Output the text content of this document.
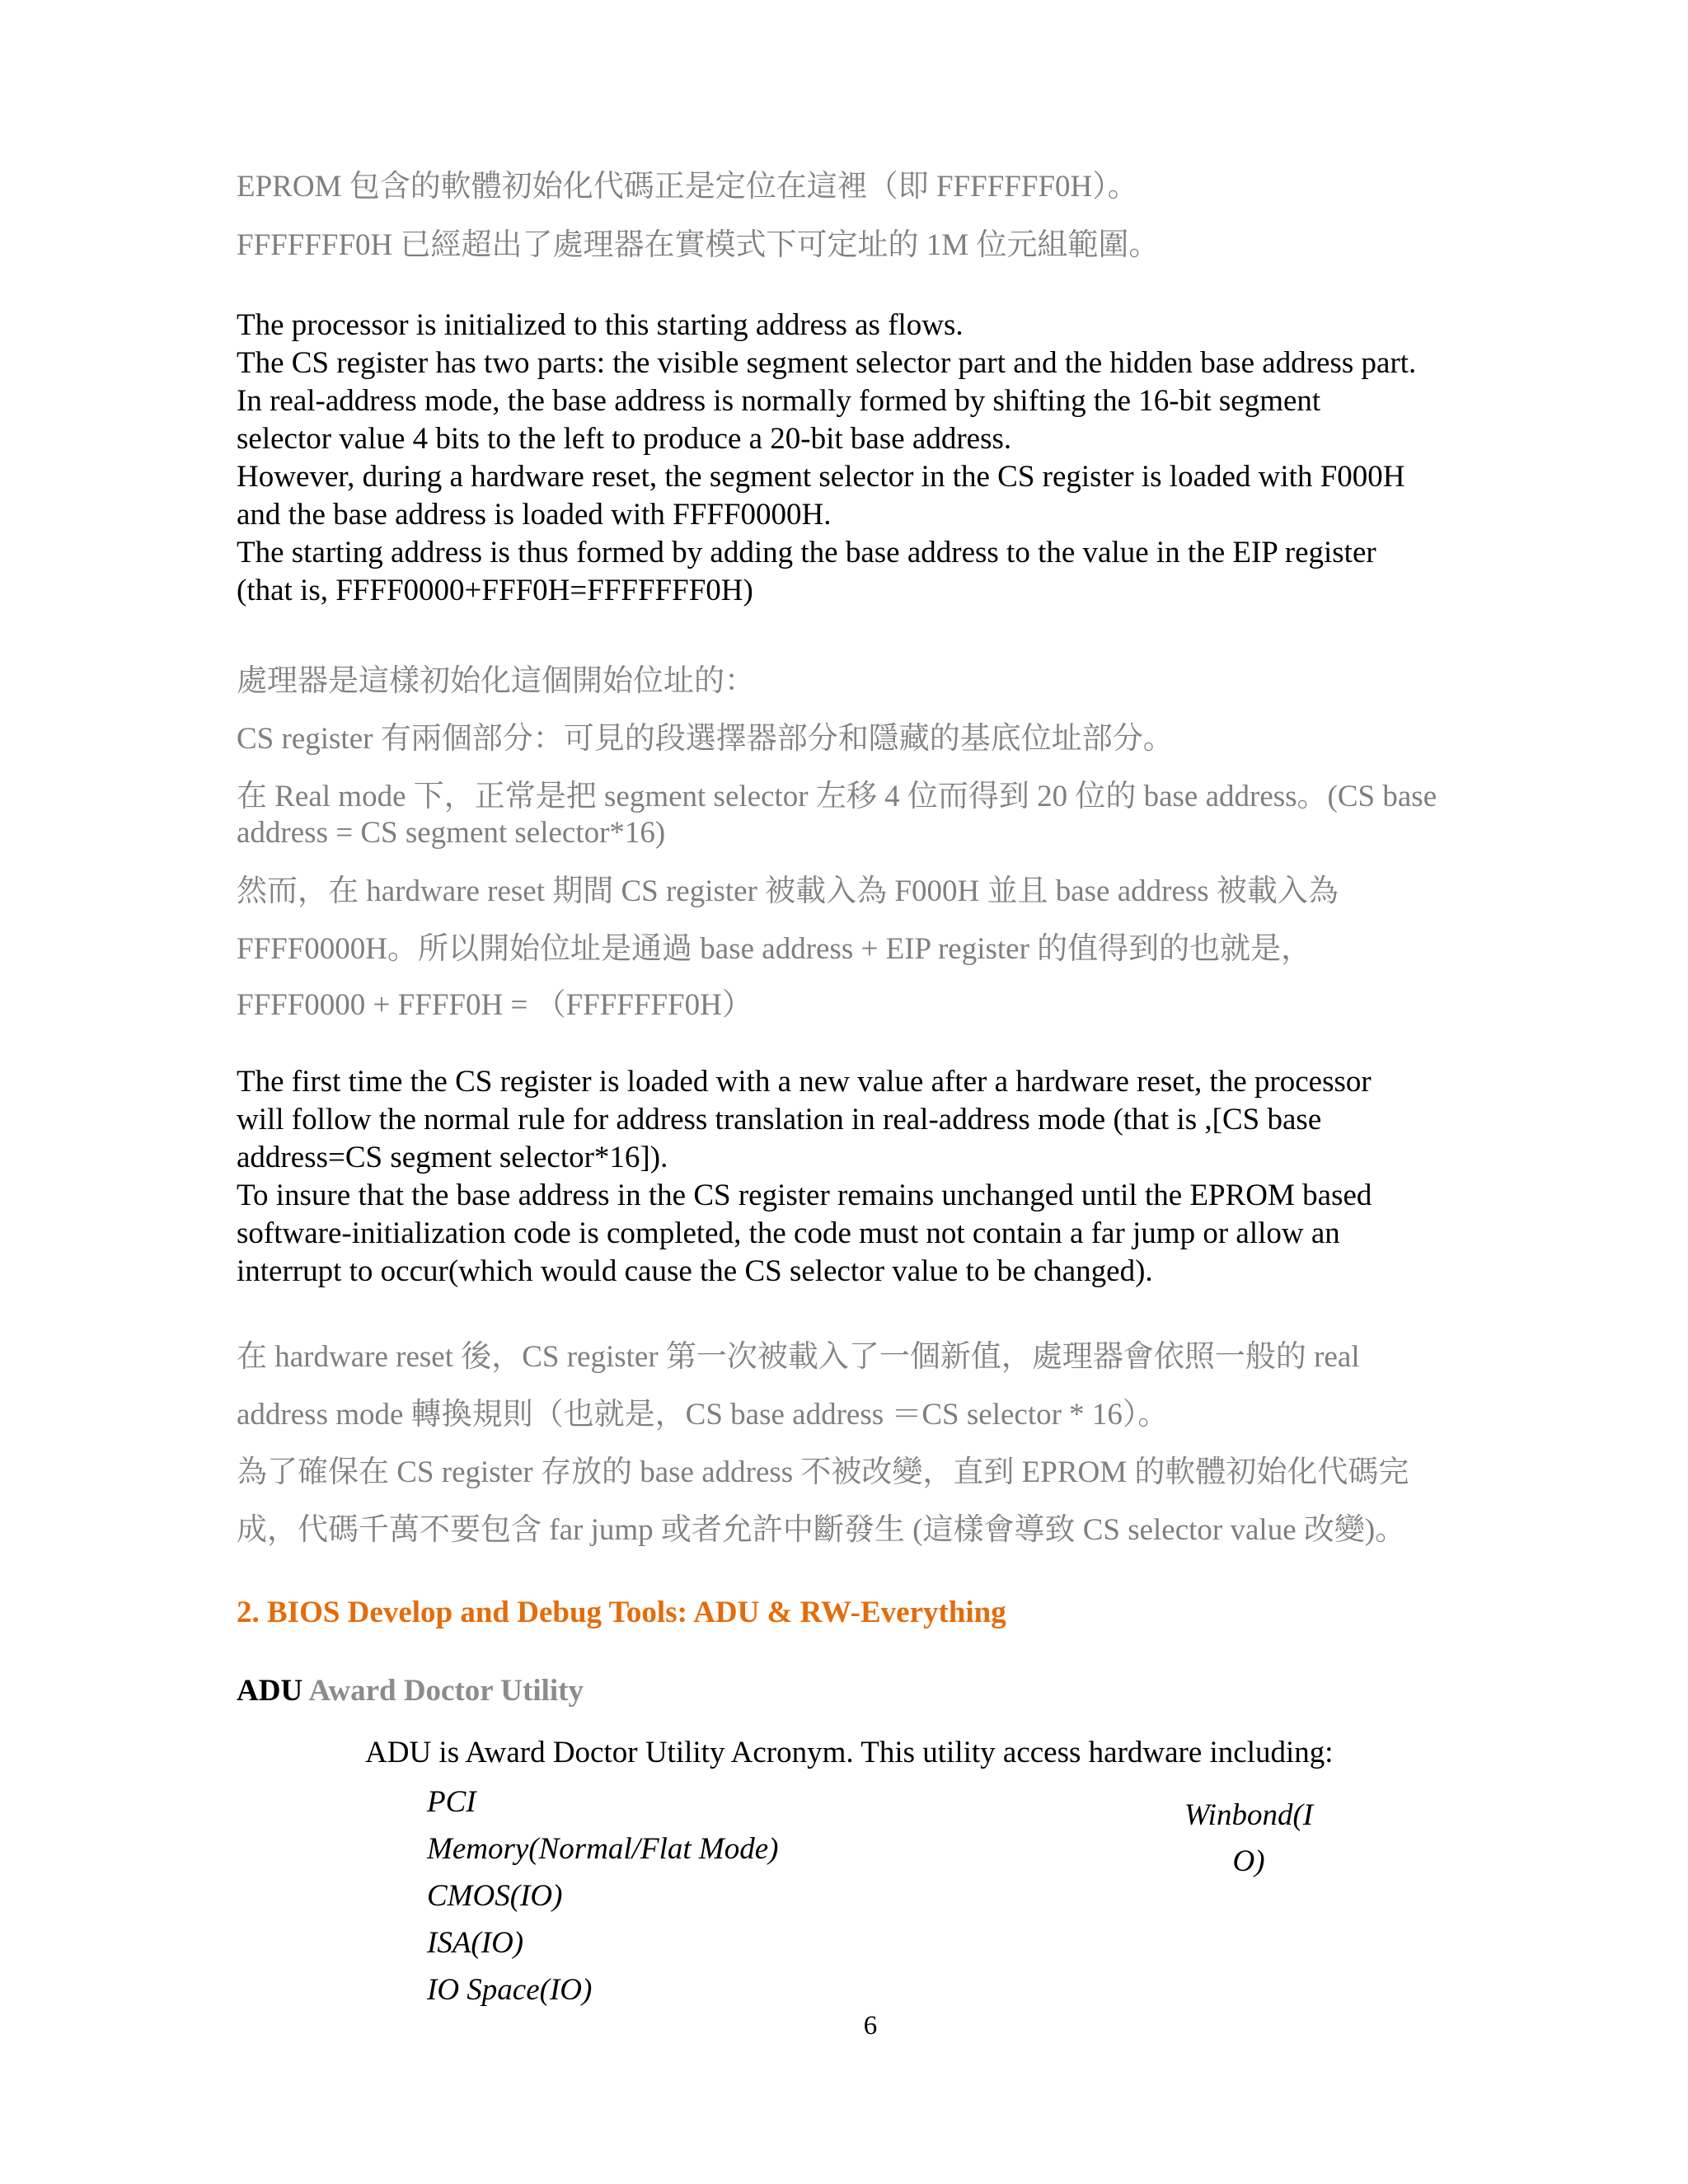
EPROM 包含的軟體初始化代碼正是定位在這裡（即 FFFFFFF0H）。
FFFFFFF0H 已經超出了處理器在實模式下可定址的 1M 位元組範圍。
The processor is initialized to this starting address as flows.
The CS register has two parts: the visible segment selector part and the hidden base address part.
In real-address mode, the base address is normally formed by shifting the 16-bit segment
selector value 4 bits to the left to produce a 20-bit base address.
However, during a hardware reset, the segment selector in the CS register is loaded with F000H
and the base address is loaded with FFFF0000H.
The starting address is thus formed by adding the base address to the value in the EIP register
(that is, FFFF0000+FFF0H=FFFFFFF0H)
處理器是這樣初始化這個開始位址的：
CS register 有兩個部分：可見的段選擇器部分和隱藏的基底位址部分。
在 Real mode 下，正常是把 segment selector 左移 4 位而得到 20 位的 base address。(CS base address = CS segment selector*16)
然而，在 hardware reset 期間 CS register 被載入為 F000H 並且 base address 被載入為
FFFF0000H。所以開始位址是通過 base address + EIP register 的值得到的也就是，
FFFF0000 + FFFF0H = （FFFFFFF0H）
The first time the CS register is loaded with a new value after a hardware reset, the processor
will follow the normal rule for address translation in real-address mode (that is ,[CS base
address=CS segment selector*16]).
To insure that the base address in the CS register remains unchanged until the EPROM based
software-initialization code is completed, the code must not contain a far jump or allow an
interrupt to occur(which would cause the CS selector value to be changed).
在 hardware reset 後，CS register 第一次被載入了一個新值，處理器會依照一般的 real
address mode 轉換規則（也就是，CS base address ＝CS selector * 16）。
為了確保在 CS register 存放的 base address 不被改變，直到 EPROM 的軟體初始化代碼完
成，代碼千萬不要包含 far jump 或者允許中斷發生 (這樣會導致 CS selector value 改變)。
2. BIOS Develop and Debug Tools: ADU & RW-Everything
ADU Award Doctor Utility
ADU is Award Doctor Utility Acronym. This utility access hardware including:
PCI
Memory(Normal/Flat Mode)
CMOS(IO)
ISA(IO)
IO Space(IO)
Winbond(I
O)
6
